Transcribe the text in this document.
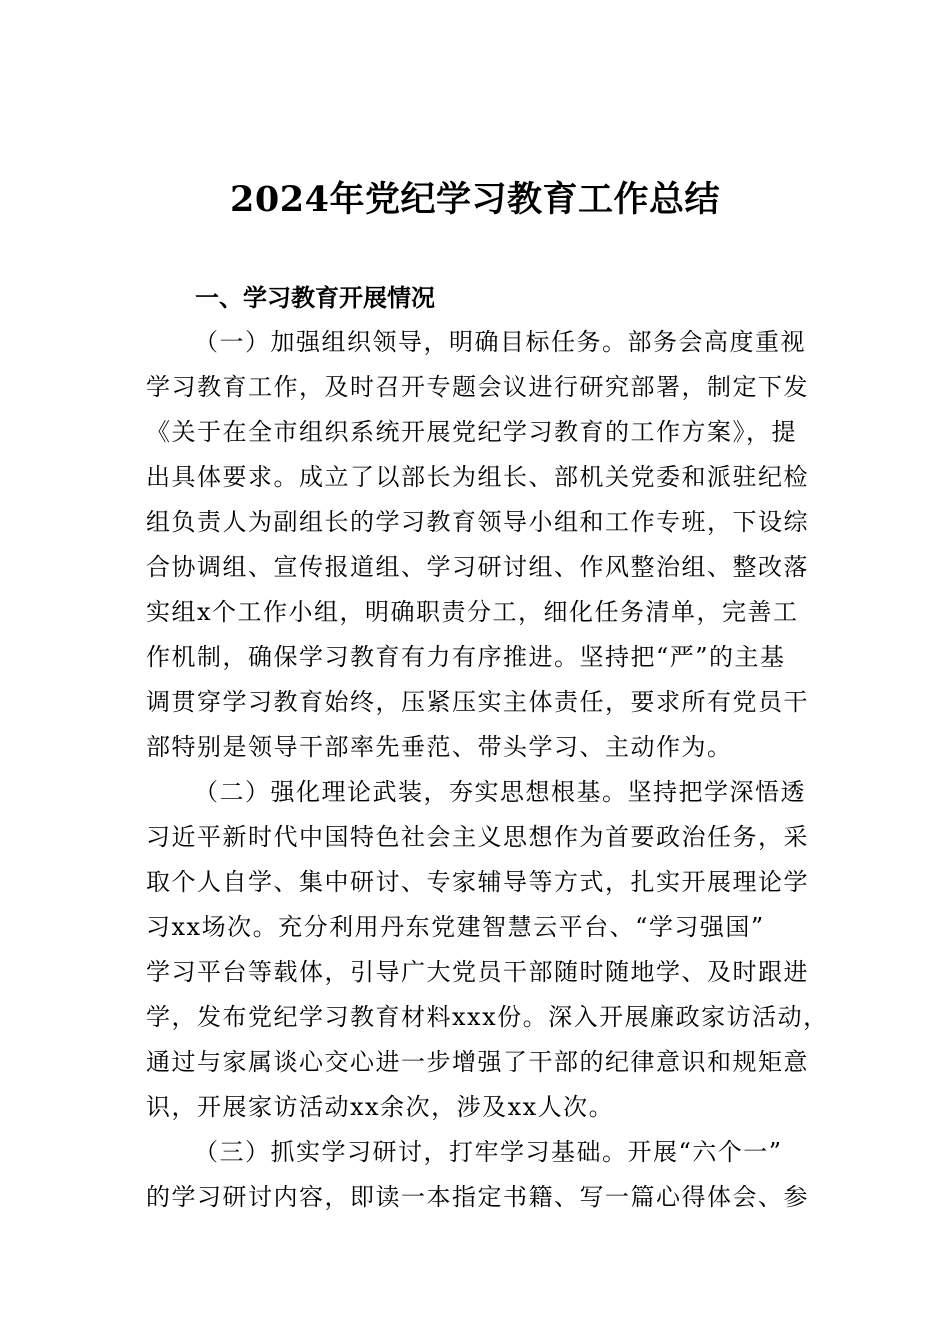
2024年党纪学习教育工作总结
一、学习教育开展情况
（一）加强组织领导，明确目标任务。部务会高度重视
学习教育工作，及时召开专题会议进行研究部署，制定下发
《关于在全市组织系统开展党纪学习教育的工作方案》，提
出具体要求。成立了以部长为组长、部机关党委和派驻纪检
组负责人为副组长的学习教育领导小组和工作专班，下设综
合协调组、宣传报道组、学习研讨组、作风整治组、整改落
实组x个工作小组，明确职责分工，细化任务清单，完善工
作机制，确保学习教育有力有序推进。坚持把“严”的主基
调贯穿学习教育始终，压紧压实主体责任，要求所有党员干
部特别是领导干部率先垂范、带头学习、主动作为。
（二）强化理论武装，夯实思想根基。坚持把学深悟透
习近平新时代中国特色社会主义思想作为首要政治任务，采
取个人自学、集中研讨、专家辅导等方式，扎实开展理论学
习xx场次。充分利用丹东党建智慧云平台、“学习强国”
学习平台等载体，引导广大党员干部随时随地学、及时跟进
学，发布党纪学习教育材料xxx份。深入开展廉政家访活动，
通过与家属谈心交心进一步增强了干部的纪律意识和规矩意
识，开展家访活动xx余次，涉及xx人次。
（三）抓实学习研讨，打牢学习基础。开展“六个一”
的学习研讨内容，即读一本指定书籍、写一篇心得体会、参
